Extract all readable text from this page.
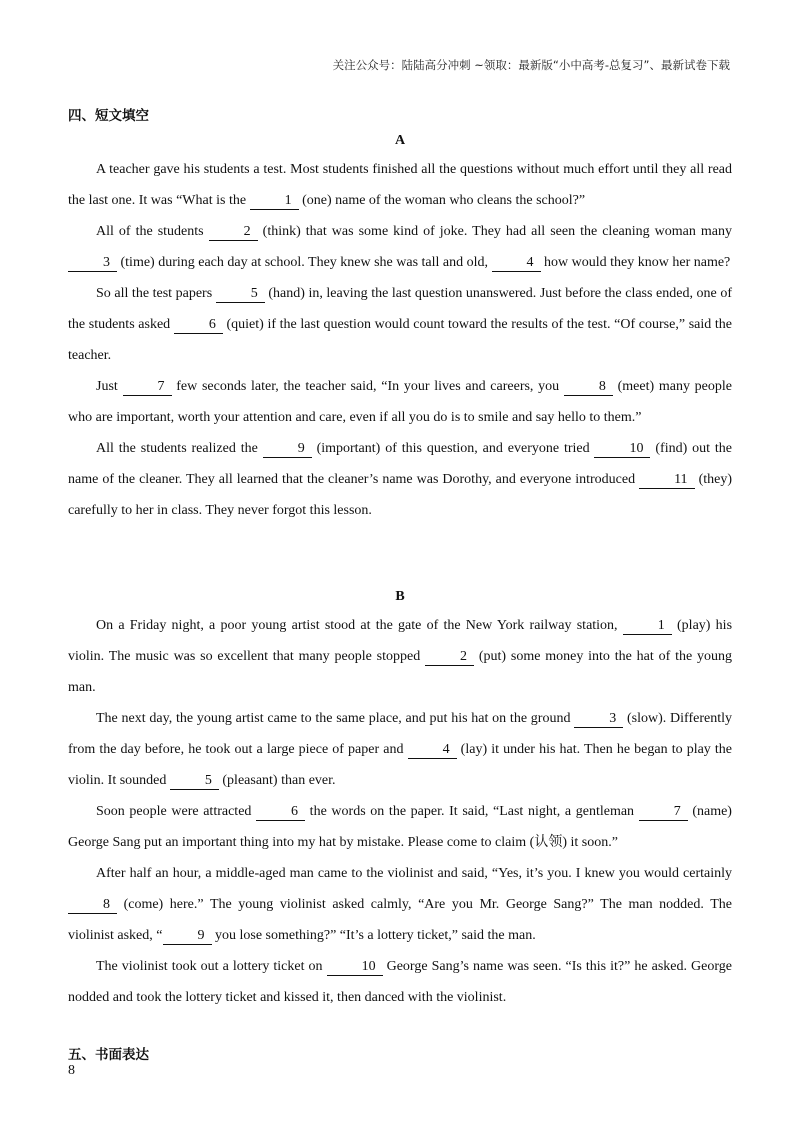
关注公众号：陆陆高分冲刺 ~领取：最新版“小中高考-总复习”、最新试卷下载
四、短文填空
A

A teacher gave his students a test. Most students finished all the questions without much effort until they all read the last one. It was “What is the	1 (one) name of the woman who cleans the school?”

All of the students	2 (think) that was some kind of joke. They had all seen the cleaning woman many 3 (time) during each day at school. They knew she was tall and old,	4 how would they know her name?

So all the test papers	5 (hand) in, leaving the last question unanswered. Just before the class ended, one of the students asked	6 (quiet) if the last question would count toward the results of the test. “Of course,” said the teacher.

Just	7 few seconds later, the teacher said, “In your lives and careers, you	8 (meet) many people who are important, worth your attention and care, even if all you do is to smile and say hello to them.”

All the students realized the	9 (important) of this question, and everyone tried	10 (find) out the name of the cleaner. They all learned that the cleaner’s name was Dorothy, and everyone introduced	11 (they) carefully to her in class. They never forgot this lesson.

B

On a Friday night, a poor young artist stood at the gate of the New York railway station,	1 (play) his violin. The music was so excellent that many people stopped	2 (put) some money into the hat of the young man.

The next day, the young artist came to the same place, and put his hat on the ground	3 (slow). Differently from the day before, he took out a large piece of paper and	4 (lay) it under his hat. Then he began to play the violin. It sounded	5 (pleasant) than ever.

Soon people were attracted	6 the words on the paper. It said, “Last night, a gentleman	7 (name) George Sang put an important thing into my hat by mistake. Please come to claim (认领) it soon.”

After half an hour, a middle-aged man came to the violinist and said, “Yes, it’s you. I knew you would certainly 8 (come) here.” The young violinist asked calmly, “Are you Mr. George Sang?” The man nodded. The violinist asked, “	9 you lose something?” “It’s a lottery ticket,” said the man.

The violinist took out a lottery ticket on	10 George Sang’s name was seen. “Is this it?” he asked. George nodded and took the lottery ticket and kissed it, then danced with the violinist.

五、书面表达
8
